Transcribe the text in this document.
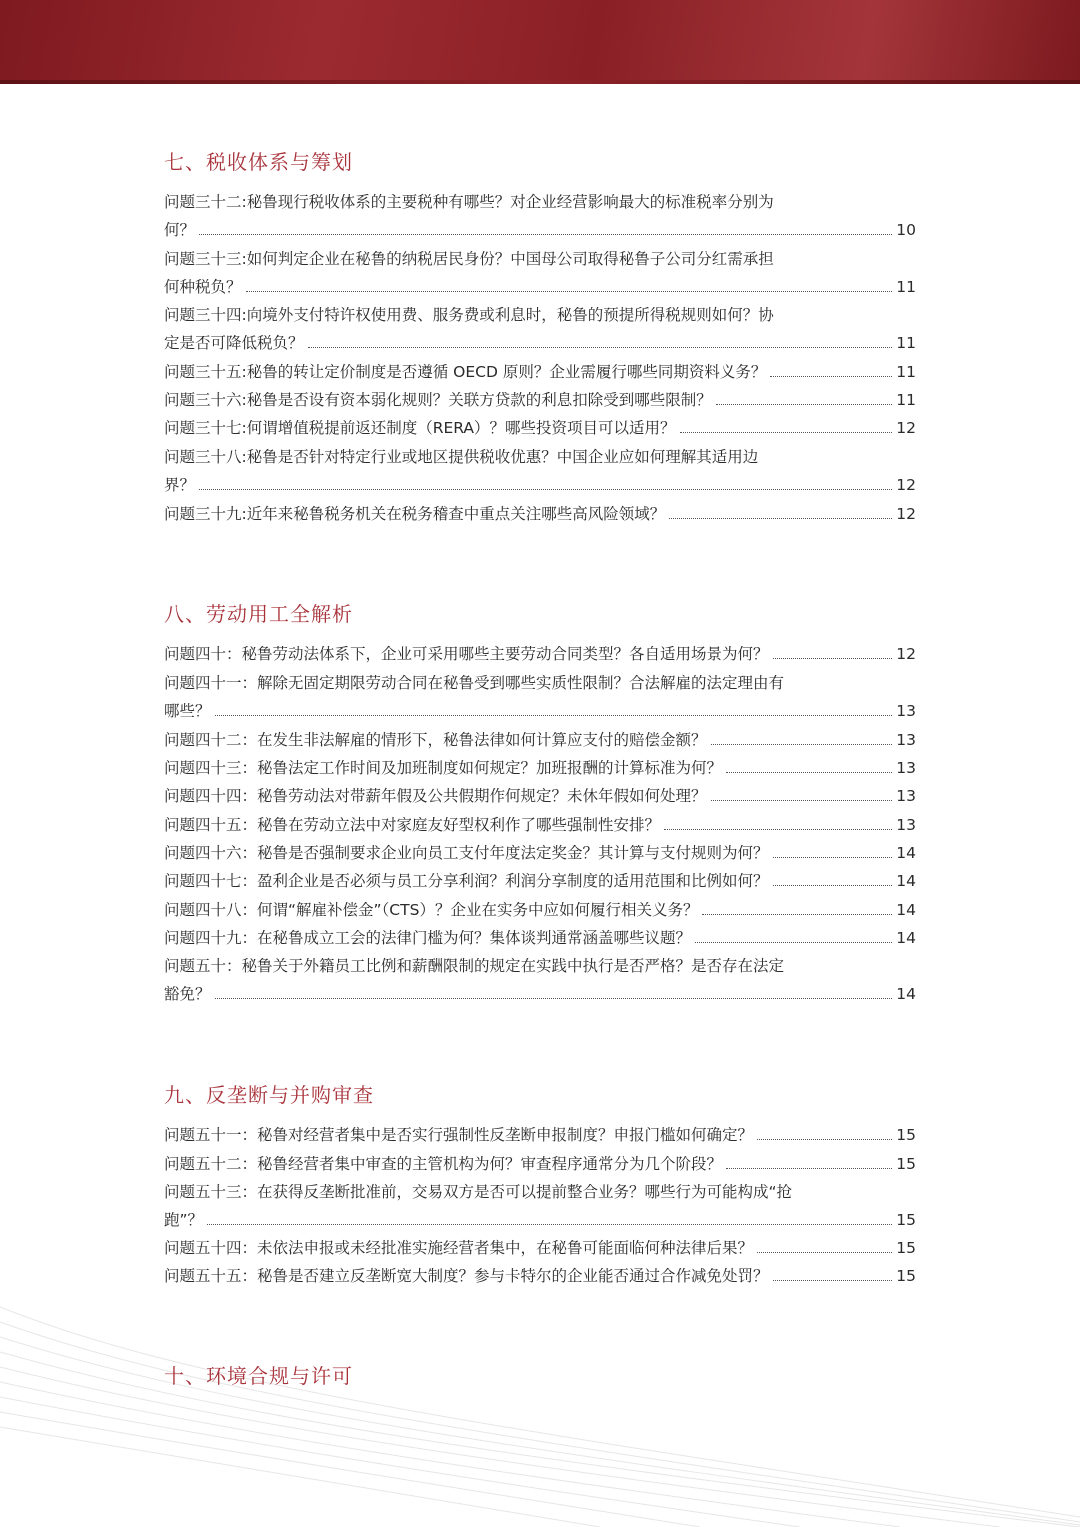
七、税收体系与筹划
问题三十二:秘鲁现行税收体系的主要税种有哪些？对企业经营影响最大的标准税率分别为
何？	10
问题三十三:如何判定企业在秘鲁的纳税居民身份？中国母公司取得秘鲁子公司分红需承担
何种税负？	11
问题三十四:向境外支付特许权使用费、服务费或利息时，秘鲁的预提所得税规则如何？协
定是否可降低税负？	11
问题三十五:秘鲁的转让定价制度是否遵循 OECD 原则？企业需履行哪些同期资料义务？	11
问题三十六:秘鲁是否设有资本弱化规则？关联方贷款的利息扣除受到哪些限制？	11
问题三十七:何谓增值税提前返还制度（RERA）？哪些投资项目可以适用？	12
问题三十八:秘鲁是否针对特定行业或地区提供税收优惠？中国企业应如何理解其适用边
界？	12
问题三十九:近年来秘鲁税务机关在税务稽查中重点关注哪些高风险领域？	12
八、劳动用工全解析
问题四十：秘鲁劳动法体系下，企业可采用哪些主要劳动合同类型？各自适用场景为何？	12
问题四十一：解除无固定期限劳动合同在秘鲁受到哪些实质性限制？合法解雇的法定理由有
哪些？	13
问题四十二：在发生非法解雇的情形下，秘鲁法律如何计算应支付的赔偿金额？	13
问题四十三：秘鲁法定工作时间及加班制度如何规定？加班报酬的计算标准为何？	13
问题四十四：秘鲁劳动法对带薪年假及公共假期作何规定？未休年假如何处理？	13
问题四十五：秘鲁在劳动立法中对家庭友好型权利作了哪些强制性安排？	13
问题四十六：秘鲁是否强制要求企业向员工支付年度法定奖金？其计算与支付规则为何？	14
问题四十七：盈利企业是否必须与员工分享利润？利润分享制度的适用范围和比例如何？	14
问题四十八：何谓“解雇补偿金”（CTS）？企业在实务中应如何履行相关义务？	14
问题四十九：在秘鲁成立工会的法律门槛为何？集体谈判通常涵盖哪些议题？	14
问题五十：秘鲁关于外籍员工比例和薪酬限制的规定在实践中执行是否严格？是否存在法定
豁免？	14
九、反垄断与并购审查
问题五十一：秘鲁对经营者集中是否实行强制性反垄断申报制度？申报门槛如何确定？	15
问题五十二：秘鲁经营者集中审查的主管机构为何？审查程序通常分为几个阶段？	15
问题五十三：在获得反垄断批准前，交易双方是否可以提前整合业务？哪些行为可能构成“抢
跑”？	15
问题五十四：未依法申报或未经批准实施经营者集中，在秘鲁可能面临何种法律后果？	15
问题五十五：秘鲁是否建立反垄断宽大制度？参与卡特尔的企业能否通过合作减免处罚？	15
十、环境合规与许可
